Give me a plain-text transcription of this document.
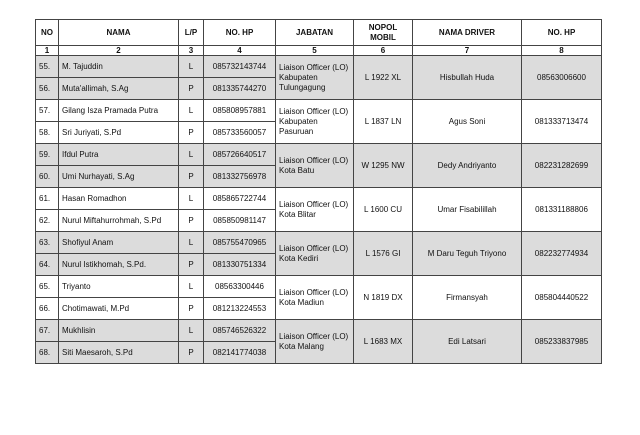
NO	NAMA	L/P	NO. HP	JABATAN	NOPOL MOBIL	NAMA DRIVER	NO. HP
1	2	3	4	5	6	7	8
55.	M. Tajuddin	L	085732143744	Liaison Officer (LO) Kabupaten Tulungagung	L 1922 XL	Hisbullah Huda	08563006600
56.	Muta'allimah, S.Ag	P	081335744270				
57.	Gilang Isza Pramada Putra	L	085808957881	Liaison Officer (LO) Kabupaten Pasuruan	L 1837 LN	Agus Soni	081333713474
58.	Sri Juriyati, S.Pd	P	085733560057				
59.	Ifdul Putra	L	085726640517	Liaison Officer (LO) Kota Batu	W 1295 NW	Dedy Andriyanto	082231282699
60.	Umi Nurhayati, S.Ag	P	081332756978				
61.	Hasan Romadhon	L	085865722744	Liaison Officer (LO) Kota Blitar	L 1600 CU	Umar Fisabilillah	081331188806
62.	Nurul Miftahurrohmah, S.Pd	P	085850981147				
63.	Shofiyul Anam	L	085755470965	Liaison Officer (LO) Kota Kediri	L 1576 GI	M Daru Teguh Triyono	082232774934
64.	Nurul Istikhomah, S.Pd.	P	081330751334				
65.	Triyanto	L	08563300446	Liaison Officer (LO) Kota Madiun	N 1819 DX	Firmansyah	085804440522
66.	Chotimawati, M.Pd	P	081213224553				
67.	Mukhlisin	L	085746526322	Liaison Officer (LO) Kota Malang	L 1683 MX	Edi Latsari	085233837985
68.	Siti Maesaroh, S.Pd	P	082141774038				
